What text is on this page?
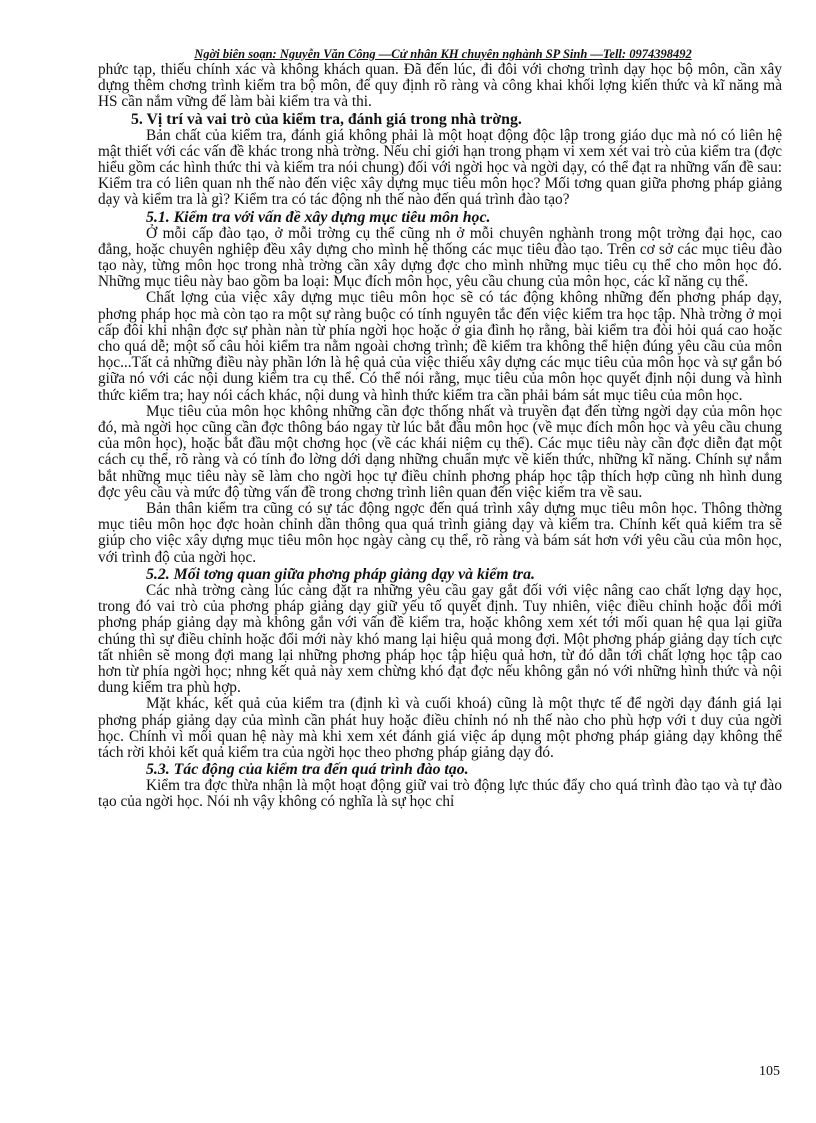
Ngời biên soạn: Nguyễn Văn Công —Cử nhân KH chuyên nghành SP Sinh —Tell: 0974398492

phức tạp, thiếu chính xác và không khách quan. Đã đến lúc, đi đôi với chơng trình dạy học bộ môn, cần xây dựng thêm chơng trình kiểm tra bộ môn, để quy định rõ ràng và công khai khối lợng kiến thức và kĩ năng mà HS cần nắm vững để làm bài kiểm tra và thi.

5. Vị trí và vai trò của kiểm tra, đánh giá trong nhà trờng.

Bản chất của kiểm tra, đánh giá không phải là một hoạt động độc lập trong giáo dục mà nó có liên hệ mật thiết với các vấn đề khác trong nhà trờng. Nếu chỉ giới hạn trong phạm vi xem xét vai trò của kiểm tra (đợc hiểu gồm các hình thức thi và kiểm tra nói chung) đối với ngời học và ngời dạy, có thể đạt ra những vấn đề sau: Kiểm tra có liên quan nh thế nào đến việc xây dựng mục tiêu môn học? Mối tơng quan giữa phơng pháp giảng dạy và kiểm tra là gì? Kiểm tra có tác động nh thế nào đến quá trình đào tạo?

5.1. Kiểm tra với vấn đề xây dựng mục tiêu môn học.

Ở mỗi cấp đào tạo, ở mỗi trờng cụ thể cũng nh ở mỗi chuyên nghành trong một trờng đại học, cao đẳng, hoặc chuyên nghiệp đều xây dựng cho mình hệ thống các mục tiêu đào tạo. Trên cơ sở các mục tiêu đào tạo này, từng môn học trong nhà trờng cần xây dựng đợc cho mình những mục tiêu cụ thể cho môn học đó. Những mục tiêu này bao gồm ba loại: Mục đích môn học, yêu cầu chung của môn học, các kĩ năng cụ thể.

Chất lợng của việc xây dựng mục tiêu môn học sẽ có tác động không những đến phơng pháp dạy, phơng pháp học mà còn tạo ra một sự ràng buộc có tính nguyên tắc đến việc kiểm tra học tập. Nhà trờng ở mọi cấp đôi khi nhận đợc sự phàn nàn từ phía ngời học hoặc ở gia đình họ rằng, bài kiểm tra đòi hỏi quá cao hoặc cho quá dễ; một số câu hỏi kiểm tra nằm ngoài chơng trình; đề kiểm tra không thể hiện đúng yêu cầu của môn học...Tất cả những điều này phần lớn là hệ quả của việc thiếu xây dựng các mục tiêu của môn học và sự gắn bó giữa nó với các nội dung kiểm tra cụ thể. Có thể nói rằng, mục tiêu của môn học quyết định nội dung và hình thức kiểm tra; hay nói cách khác, nội dung và hình thức kiểm tra cần phải bám sát mục tiêu của môn học.

Mục tiêu của môn học không những cần đợc thống nhất và truyền đạt đến từng ngời dạy của môn học đó, mà ngời học cũng cần đợc thông báo ngay từ lúc bắt đầu môn học (về mục đích môn học và yêu cầu chung của môn học), hoặc bắt đầu một chơng học (về các khái niệm cụ thể). Các mục tiêu này cần đợc diễn đạt một cách cụ thể, rõ ràng và có tính đo lờng dới dạng những chuẩn mực về kiến thức, những kĩ năng. Chính sự nắm bắt những mục tiêu này sẽ làm cho ngời học tự điều chỉnh phơng pháp học tập thích hợp cũng nh hình dung đợc yêu cầu và mức độ từng vấn đề trong chơng trình liên quan đến việc kiểm tra về sau.

Bản thân kiểm tra cũng có sự tác động ngợc đến quá trình xây dựng mục tiêu môn học. Thông thờng mục tiêu môn học đợc hoàn chỉnh dần thông qua quá trình giảng dạy và kiểm tra. Chính kết quả kiểm tra sẽ giúp cho việc xây dựng mục tiêu môn học ngày càng cụ thể, rõ ràng và bám sát hơn với yêu cầu của môn học, với trình độ của ngời học.

5.2. Mối tơng quan giữa phơng pháp giảng dạy và kiểm tra.

Các nhà trờng càng lúc càng đặt ra những yêu cầu gay gắt đối với việc nâng cao chất lợng dạy học, trong đó vai trò của phơng pháp giảng dạy giữ yếu tố quyết định. Tuy nhiên, việc điều chỉnh hoặc đổi mới phơng pháp giảng dạy mà không gắn với vấn đề kiểm tra, hoặc không xem xét tới mối quan hệ qua lại giữa chúng thì sự điều chỉnh hoặc đổi mới này khó mang lại hiệu quả mong đợi. Một phơng pháp giảng dạy tích cực tất nhiên sẽ mong đợi mang lại những phơng pháp học tập hiệu quả hơn, từ đó dẫn tới chất lợng học tập cao hơn từ phía ngời học; nhng kết quả này xem chừng khó đạt đợc nếu không gắn nó với những hình thức và nội dung kiểm tra phù hợp.

Mặt khác, kết quả của kiểm tra (định kì và cuối khoá) cũng là một thực tế để ngời dạy đánh giá lại phơng pháp giảng dạy của mình cần phát huy hoặc điều chỉnh nó nh thế nào cho phù hợp với t duy của ngời học. Chính vì mối quan hệ này mà khi xem xét đánh giá việc áp dụng một phơng pháp giảng dạy không thể tách rời khỏi kết quả kiểm tra của ngời học theo phơng pháp giảng dạy đó.

5.3. Tác động của kiểm tra đến quá trình đào tạo.

Kiểm tra đợc thừa nhận là một hoạt động giữ vai trò động lực thúc đẩy cho quá trình đào tạo và tự đào tạo của ngời học. Nói nh vậy không có nghĩa là sự học chỉ

105
